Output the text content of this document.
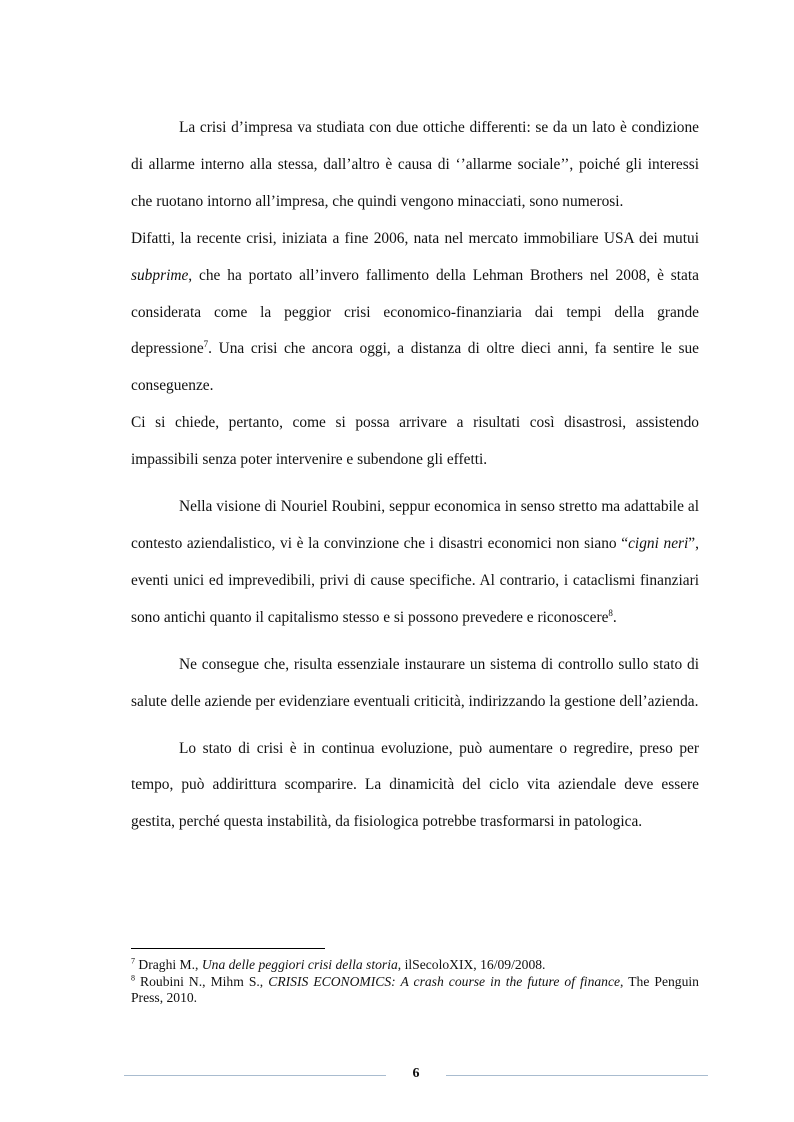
La crisi d’impresa va studiata con due ottiche differenti: se da un lato è condizione di allarme interno alla stessa, dall’altro è causa di ‘’allarme sociale’’, poiché gli interessi che ruotano intorno all’impresa, che quindi vengono minacciati, sono numerosi.

Difatti, la recente crisi, iniziata a fine 2006, nata nel mercato immobiliare USA dei mutui subprime, che ha portato all’invero fallimento della Lehman Brothers nel 2008, è stata considerata come la peggior crisi economico-finanziaria dai tempi della grande depressione$^7$. Una crisi che ancora oggi, a distanza di oltre dieci anni, fa sentire le sue conseguenze.

Ci si chiede, pertanto, come si possa arrivare a risultati così disastrosi, assistendo impassibili senza poter intervenire e subendone gli effetti.

Nella visione di Nouriel Roubini, seppur economica in senso stretto ma adattabile al contesto aziendalistico, vi è la convinzione che i disastri economici non siano “cigni neri”, eventi unici ed imprevedibili, privi di cause specifiche. Al contrario, i cataclismi finanziari sono antichi quanto il capitalismo stesso e si possono prevedere e riconoscere$^8$.

Ne consegue che, risulta essenziale instaurare un sistema di controllo sullo stato di salute delle aziende per evidenziare eventuali criticità, indirizzando la gestione dell’azienda.

Lo stato di crisi è in continua evoluzione, può aumentare o regredire, preso per tempo, può addirittura scomparire. La dinamicità del ciclo vita aziendale deve essere gestita, perché questa instabilità, da fisiologica potrebbe trasformarsi in patologica.

$^7$ Draghi M., Una delle peggiori crisi della storia, ilSecoloXIX, 16/09/2008.

$^8$ Roubini N., Mihm S., CRISIS ECONOMICS: A crash course in the future of finance, The Penguin Press, 2010.

6
